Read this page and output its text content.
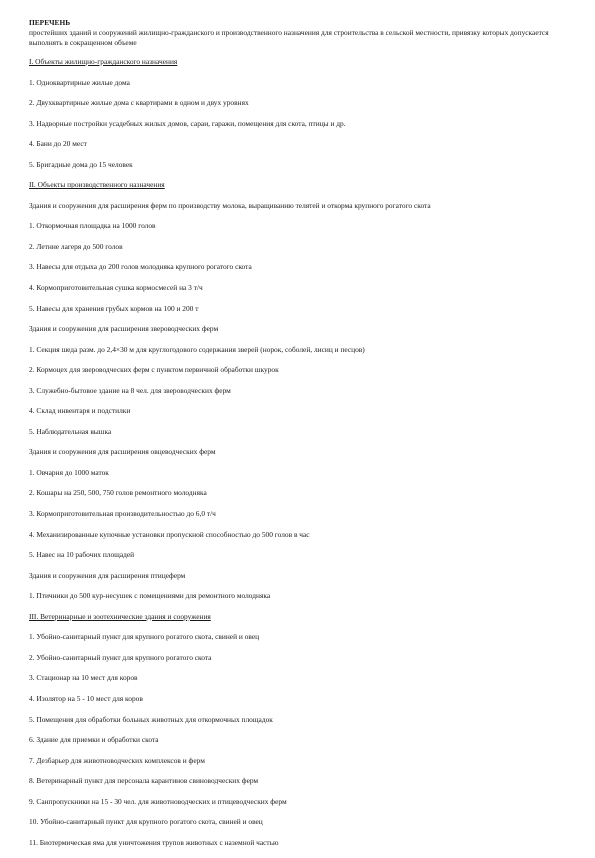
ПЕРЕЧЕНЬ

простейших зданий и сооружений жилищно-гражданского и производственного назначения для строительства в сельской местности, привязку которых допускается выполнять в сокращенном объеме

I. Объекты жилищно-гражданского назначения
1. Одноквартирные жилые дома
2. Двухквартирные жилые дома с квартирами в одном и двух уровнях
3. Надворные постройки усадебных жилых домов, сараи, гаражи, помещения для скота, птицы и др.
4. Бани до 20 мест
5. Бригадные дома до 15 человек
II. Объекты производственного назначения
Здания и сооружения для расширения ферм по производству молока, выращиванию телятей и откорма крупного рогатого скота
1. Откормочная площадка на 1000 голов
2. Летние лагеря до 500 голов
3. Навесы для отдыха до 200 голов молодняка крупного рогатого скота
4. Кормоприготовительная сушка кормосмесей на 3 т/ч
5. Навесы для хранения грубых кормов на 100 и 200 т
Здания и сооружения для расширения звероводческих ферм
1. Секция шеда разм. до 2,4×30 м для круглогодового содержания зверей (норок, соболей, лисиц и песцов)
2. Кормоцех для звероводческих ферм с пунктом первичной обработки шкурок
3. Служебно-бытовое здание на 8 чел. для звероводческих ферм
4. Склад инвентаря и подстилки
5. Наблюдательная вышка
Здания и сооружения для расширения овцеводческих ферм
1. Овчарня до 1000 маток
2. Кошары на 250, 500, 750 голов ремонтного молодняка
3. Кормоприготовительная производительностью до 6,0 т/ч
4. Механизированные купочные установки пропускной способностью до 500 голов в час
5. Навес на 10 рабочих площадей
Здания и сооружения для расширения птицеферм
1. Птичники до 500 кур-несушек с помещениями для ремонтного молодняка
III. Ветеринарные и зоотехнические здания и сооружения
1. Убойно-санитарный пункт для крупного рогатого скота, свиней и овец
2. Убойно-санитарный пункт для крупного рогатого скота
3. Стационар на 10 мест для коров
4. Изолятор на 5 - 10 мест для коров
5. Помещения для обработки больных животных для откормочных площадок
6. Здание для приемки и обработки скота
7. Дезбарьер для животноводческих комплексов и ферм
8. Ветеринарный пункт для персонала карантинов свиноводческих ферм
9. Санпропускники на 15 - 30 чел. для животноводческих и птицеводческих ферм
10. Убойно-санитарный пункт для крупного рогатого скота, свиней и овец
11. Биотермическая яма для уничтожения трупов животных с наземной частью
